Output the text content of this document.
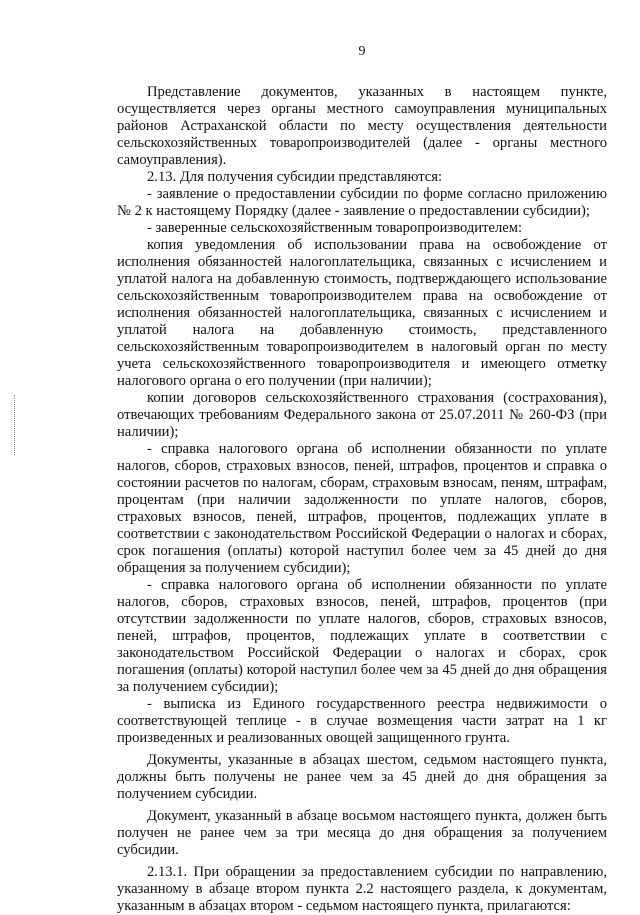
9

Представление документов, указанных в настоящем пункте, осуществляется через органы местного самоуправления муниципальных районов Астраханской области по месту осуществления деятельности сельскохозяйственных товаропроизводителей (далее - органы местного самоуправления).

2.13. Для получения субсидии представляются:

- заявление о предоставлении субсидии по форме согласно приложению № 2 к настоящему Порядку (далее - заявление о предоставлении субсидии);

- заверенные сельскохозяйственным товаропроизводителем:

копия уведомления об использовании права на освобождение от исполнения обязанностей налогоплательщика, связанных с исчислением и уплатой налога на добавленную стоимость, подтверждающего использование сельскохозяйственным товаропроизводителем права на освобождение от исполнения обязанностей налогоплательщика, связанных с исчислением и уплатой налога на добавленную стоимость, представленного сельскохозяйственным товаропроизводителем в налоговый орган по месту учета сельскохозяйственного товаропроизводителя и имеющего отметку налогового органа о его получении (при наличии);

копии договоров сельскохозяйственного страхования (сострахования), отвечающих требованиям Федерального закона от 25.07.2011 № 260-ФЗ (при наличии);

- справка налогового органа об исполнении обязанности по уплате налогов, сборов, страховых взносов, пеней, штрафов, процентов и справка о состоянии расчетов по налогам, сборам, страховым взносам, пеням, штрафам, процентам (при наличии задолженности по уплате налогов, сборов, страховых взносов, пеней, штрафов, процентов, подлежащих уплате в соответствии с законодательством Российской Федерации о налогах и сборах, срок погашения (оплаты) которой наступил более чем за 45 дней до дня обращения за получением субсидии);

- справка налогового органа об исполнении обязанности по уплате налогов, сборов, страховых взносов, пеней, штрафов, процентов (при отсутствии задолженности по уплате налогов, сборов, страховых взносов, пеней, штрафов, процентов, подлежащих уплате в соответствии с законодательством Российской Федерации о налогах и сборах, срок погашения (оплаты) которой наступил более чем за 45 дней до дня обращения за получением субсидии);

- выписка из Единого государственного реестра недвижимости о соответствующей теплице - в случае возмещения части затрат на 1 кг произведенных и реализованных овощей защищенного грунта.

Документы, указанные в абзацах шестом, седьмом настоящего пункта, должны быть получены не ранее чем за 45 дней до дня обращения за получением субсидии.

Документ, указанный в абзаце восьмом настоящего пункта, должен быть получен не ранее чем за три месяца до дня обращения за получением субсидии.

2.13.1. При обращении за предоставлением субсидии по направлению, указанному в абзаце втором пункта 2.2 настоящего раздела, к документам, указанным в абзацах втором - седьмом настоящего пункта, прилагаются:
